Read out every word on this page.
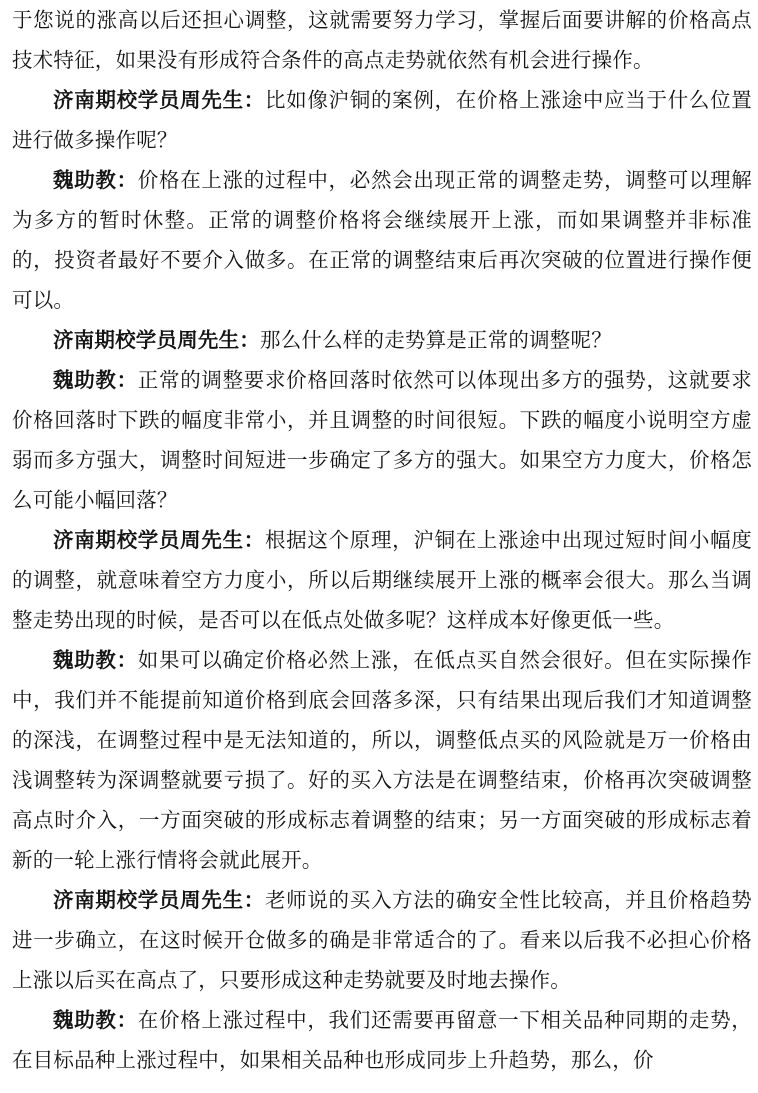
于您说的涨高以后还担心调整，这就需要努力学习，掌握后面要讲解的价格高点技术特征，如果没有形成符合条件的高点走势就依然有机会进行操作。

济南期校学员周先生：比如像沪铜的案例，在价格上涨途中应当于什么位置进行做多操作呢？

魏助教：价格在上涨的过程中，必然会出现正常的调整走势，调整可以理解为多方的暂时休整。正常的调整价格将会继续展开上涨，而如果调整并非标准的，投资者最好不要介入做多。在正常的调整结束后再次突破的位置进行操作便可以。

济南期校学员周先生：那么什么样的走势算是正常的调整呢？

魏助教：正常的调整要求价格回落时依然可以体现出多方的强势，这就要求价格回落时下跌的幅度非常小，并且调整的时间很短。下跌的幅度小说明空方虚弱而多方强大，调整时间短进一步确定了多方的强大。如果空方力度大，价格怎么可能小幅回落？

济南期校学员周先生：根据这个原理，沪铜在上涨途中出现过短时间小幅度的调整，就意味着空方力度小，所以后期继续展开上涨的概率会很大。那么当调整走势出现的时候，是否可以在低点处做多呢？这样成本好像更低一些。

魏助教：如果可以确定价格必然上涨，在低点买自然会很好。但在实际操作中，我们并不能提前知道价格到底会回落多深，只有结果出现后我们才知道调整的深浅，在调整过程中是无法知道的，所以，调整低点买的风险就是万一价格由浅调整转为深调整就要亏损了。好的买入方法是在调整结束，价格再次突破调整高点时介入，一方面突破的形成标志着调整的结束；另一方面突破的形成标志着新的一轮上涨行情将会就此展开。

济南期校学员周先生：老师说的买入方法的确安全性比较高，并且价格趋势进一步确立，在这时候开仓做多的确是非常适合的了。看来以后我不必担心价格上涨以后买在高点了，只要形成这种走势就要及时地去操作。

魏助教：在价格上涨过程中，我们还需要再留意一下相关品种同期的走势，在目标品种上涨过程中，如果相关品种也形成同步上升趋势，那么，价
